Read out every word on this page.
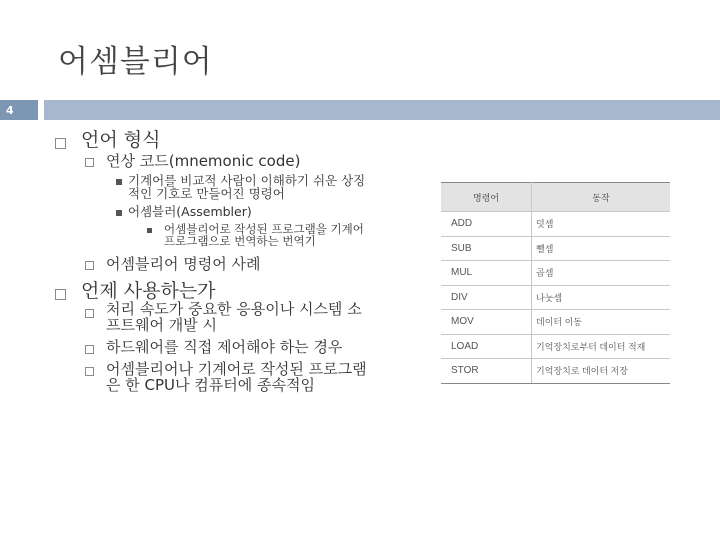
어셈블리어
4
언어 형식
연상 코드(mnemonic code)
기계어를 비교적 사람이 이해하기 쉬운 상징
적인 기호로 만들어진 명령어
어셈블러(Assembler)
어셈블리어로 작성된 프로그램을 기계어
프로그램으로 번역하는 번역기
어셈블리어 명령어 사례
언제 사용하는가
처리 속도가 중요한 응용이나 시스템 소
프트웨어 개발 시
하드웨어를 직접 제어해야 하는 경우
어셈블리어나 기계어로 작성된 프로그램
은 한 CPU나 컴퓨터에 종속적임
명령어	동작
ADD	덧셈
SUB	뺄셈
MUL	곱셈
DIV	나눗셈
MOV	데이터 이동
LOAD	기억장치로부터 데이터 적재
STOR	기억장치로 데이터 저장
